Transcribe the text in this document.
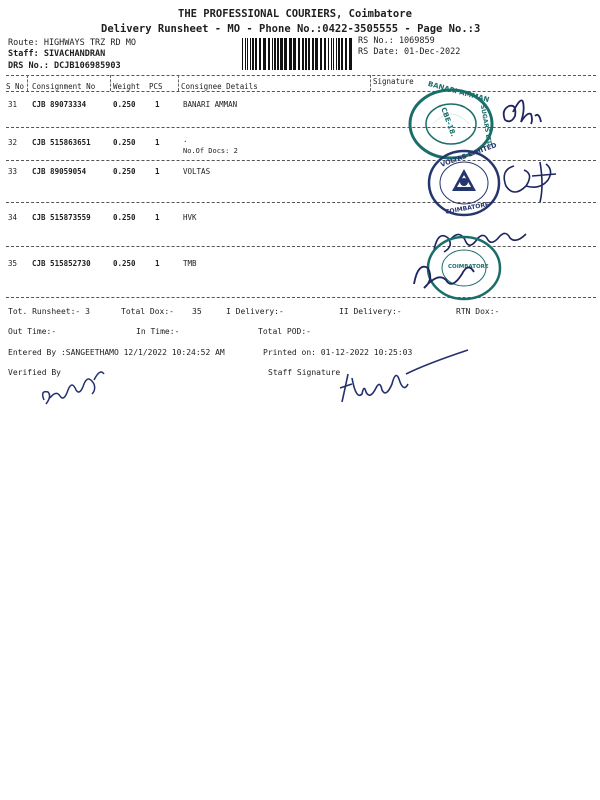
THE PROFESSIONAL COURIERS, Coimbatore
Delivery Runsheet - MO - Phone No.:0422-3505555 - Page No.:3
Route: HIGHWAYS TRZ RD MO
Staff: SIVACHANDRAN
DRS No.: DCJB106985903
RS No.: 1069859
RS Date: 01-Dec-2022
S No Consignment No Weight PCS Consignee Details
Signature
31 CJB 89073334	0.250	1	BANARI AMMAN
32 CJB 515863651	0.250	1	.
No.Of Docs: 2
33 CJB 89059054	0.250	1	VOLTAS
34 CJB 515873559	0.250	1	HVK
35 CJB 515852730	0.250	1	TMB
BANARI AMMAN
SUGARS LTD
CBE-18.
VOLTAS LIMITED
COIMBATORE
COIMBATORE
Tot. Runsheet:- 3	Total Dox:- 35	I Delivery:-	II Delivery:-	RTN Dox:-
Out Time:-	In Time:-	Total POD:-
Entered By :SANGEETHAMO 12/1/2022 10:24:52 AM	Printed on: 01-12-2022 10:25:03
Verified By	Staff Signature
